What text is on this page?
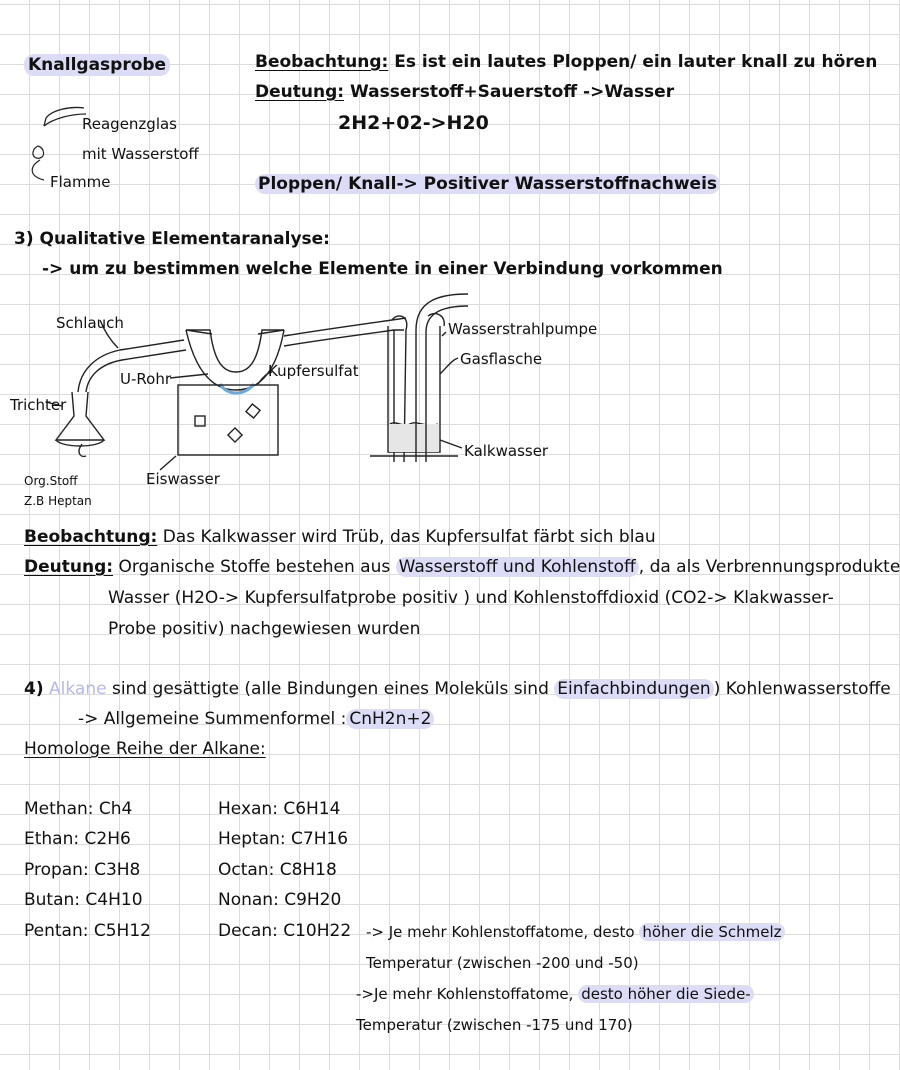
Knallgasprobe	Beobachtung: Es ist ein lautes Ploppen/ ein lauter knall zu hören
Deutung: Wasserstoff+Sauerstoff ->Wasser
2H2+02->H20
Reagenzglas
mit Wasserstoff
Flamme	Ploppen/ Knall-> Positiver Wasserstoffnachweis
3) Qualitative Elementaranalyse:
-> um zu bestimmen welche Elemente in einer Verbindung vorkommen
Schlauch
U-Rohr
Trichter
Kupfersulfat
Wasserstrahlpumpe
Gasflasche
Kalkwasser
Eiswasser
Org.Stoff
Z.B Heptan
Beobachtung: Das Kalkwasser wird Trüb, das Kupfersulfat färbt sich blau
Deutung: Organische Stoffe bestehen aus Wasserstoff und Kohlenstoff , da als Verbrennungsprodukte
Wasser (H2O-> Kupfersulfatprobe positiv ) und Kohlenstoffdioxid (CO2-> Klakwasser-
Probe positiv) nachgewiesen wurden
4) Alkane sind gesättigte (alle Bindungen eines Moleküls sind Einfachbindungen ) Kohlenwasserstoffe
-> Allgemeine Summenformel : CnH2n+2
Homologe Reihe der Alkane:
Methan: Ch4
Ethan: C2H6
Propan: C3H8
Butan: C4H10
Pentan: C5H12
Hexan: C6H14
Heptan: C7H16
Octan: C8H18
Nonan: C9H20
Decan: C10H22 -> Je mehr Kohlenstoffatome, desto höher die Schmelz
Temperatur (zwischen -200 und -50)
->Je mehr Kohlenstoffatome, desto höher die Siede-
Temperatur (zwischen -175 und 170)
